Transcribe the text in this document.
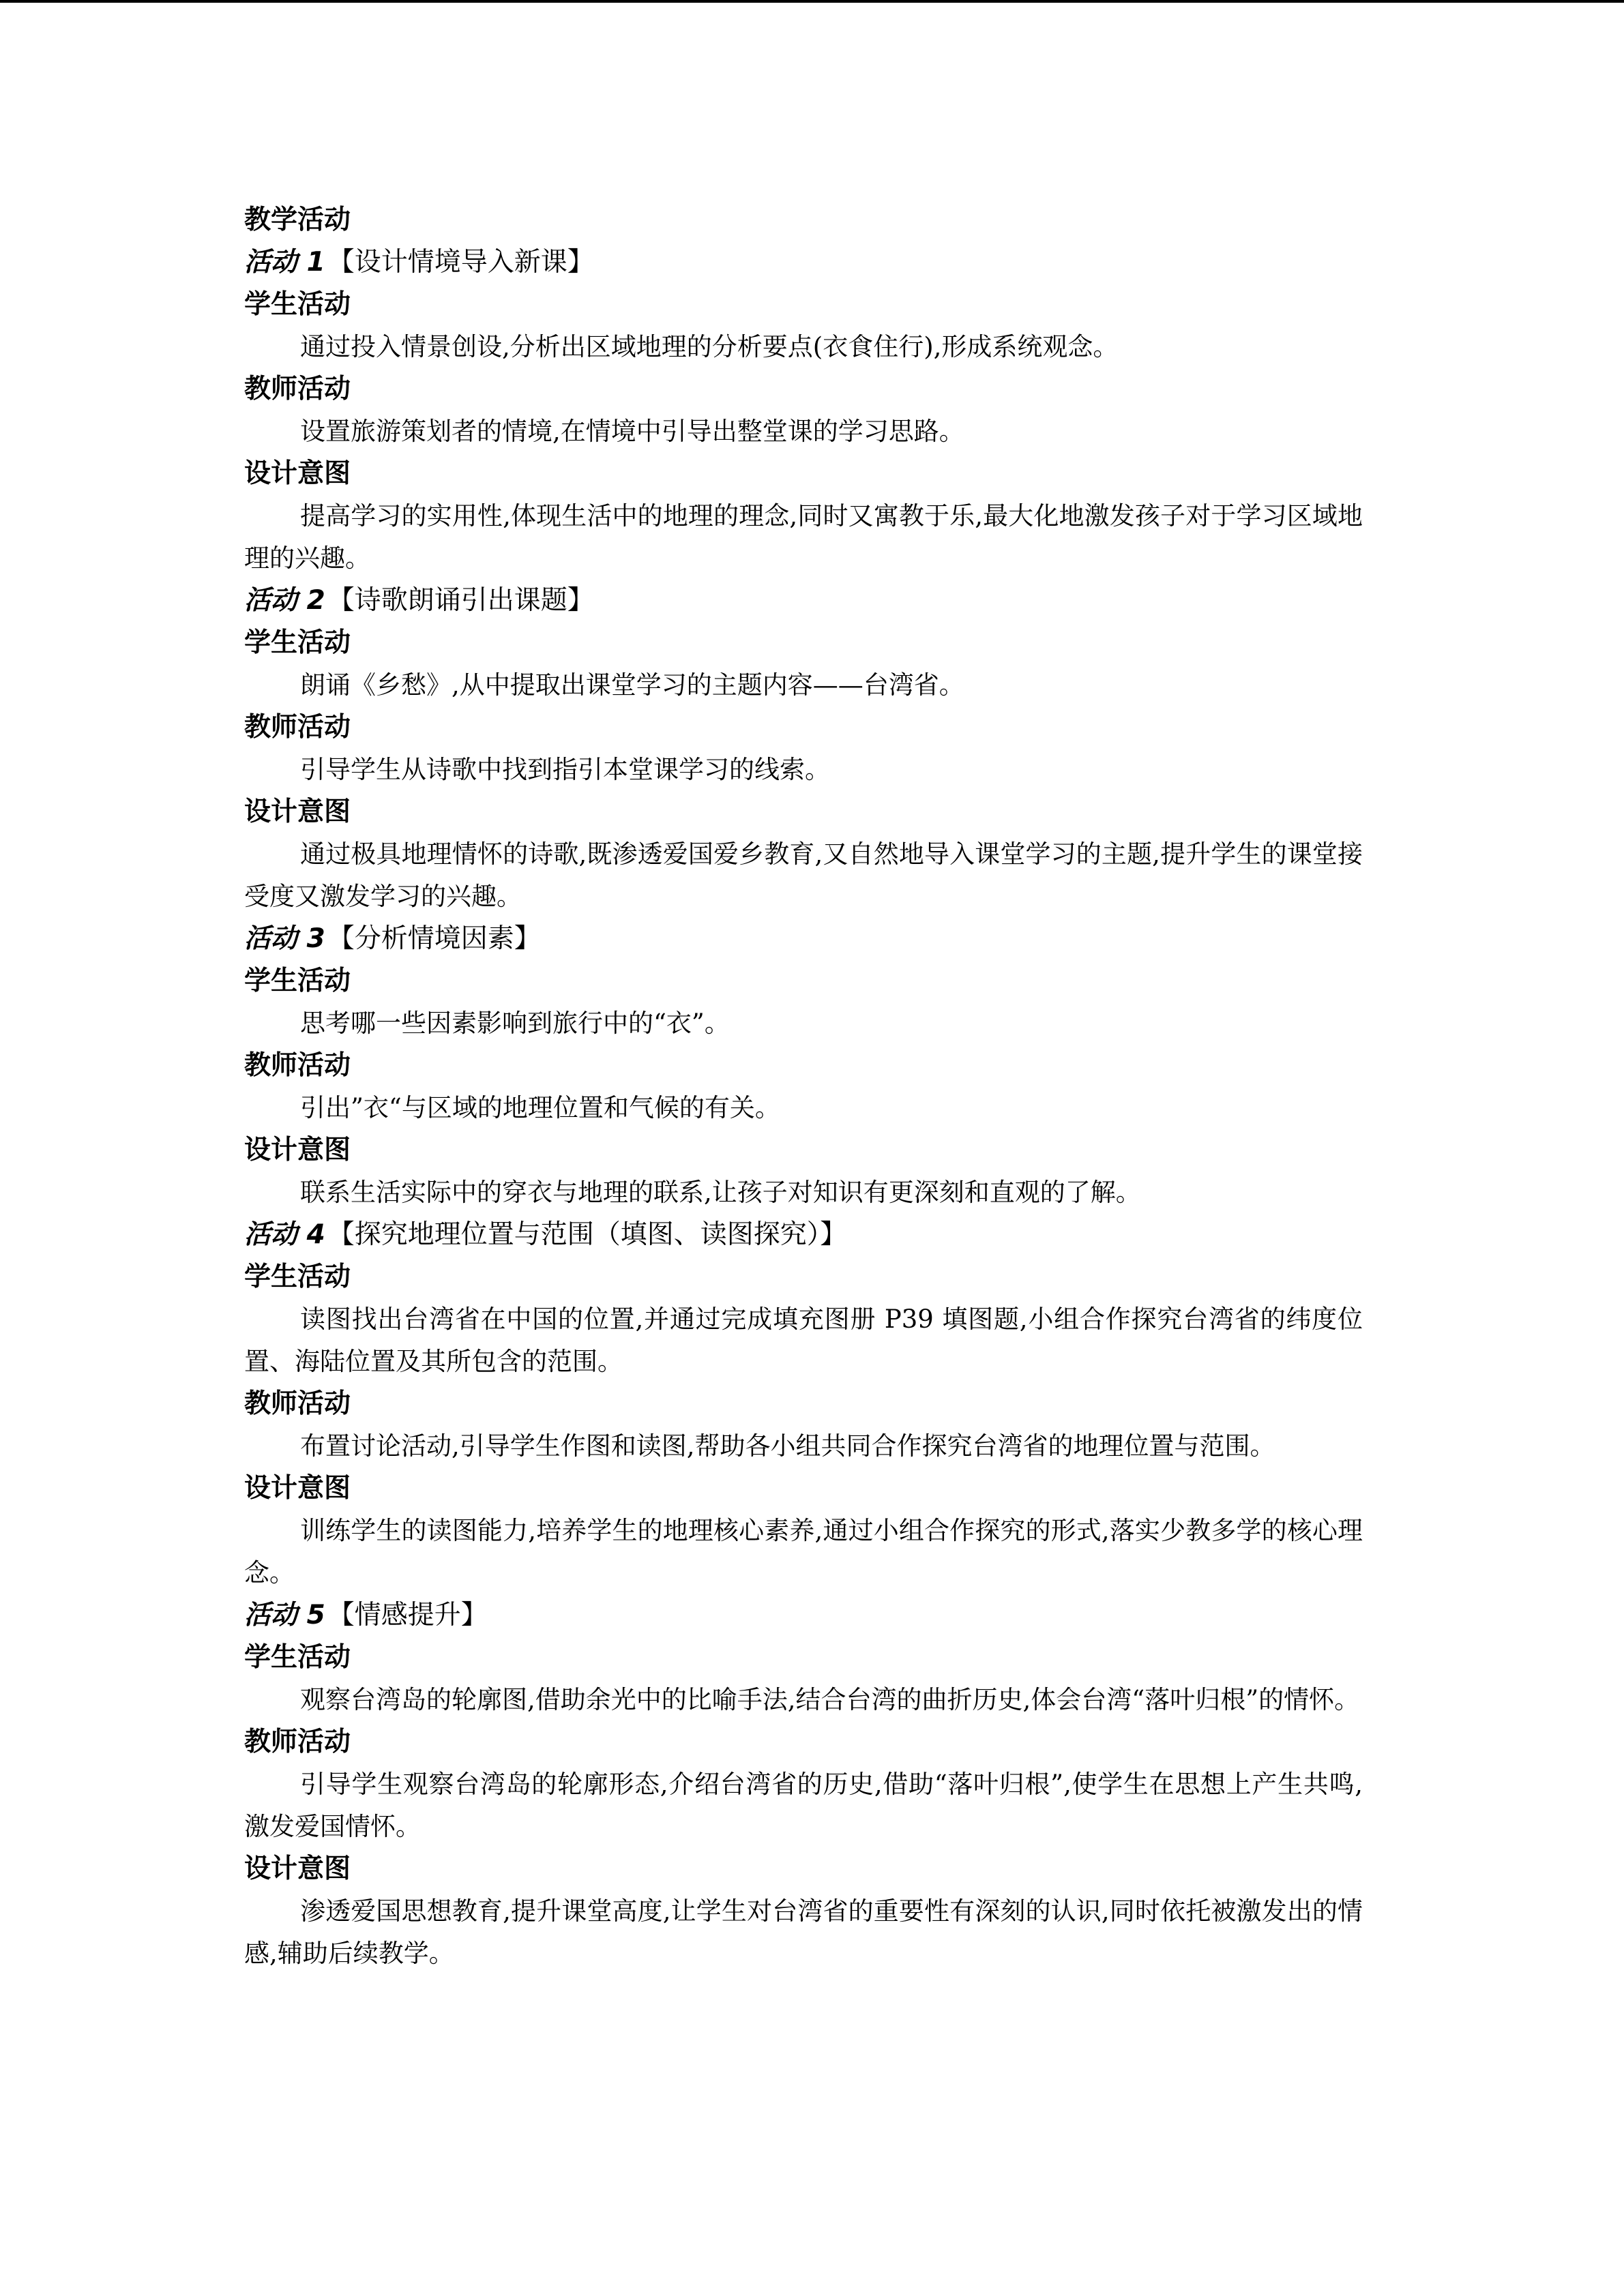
教学活动
活动 1 【设计情境导入新课】
学生活动

通过投入情景创设,分析出区域地理的分析要点(衣食住行),形成系统观念。

教师活动

设置旅游策划者的情境,在情境中引导出整堂课的学习思路。

设计意图

提高学习的实用性,体现生活中的地理的理念,同时又寓教于乐,最大化地激发孩子对于学习区域地理的兴趣。

活动 2 【诗歌朗诵引出课题】
学生活动

朗诵《乡愁》,从中提取出课堂学习的主题内容——台湾省。

教师活动

引导学生从诗歌中找到指引本堂课学习的线索。

设计意图

通过极具地理情怀的诗歌,既渗透爱国爱乡教育,又自然地导入课堂学习的主题,提升学生的课堂接受度又激发学习的兴趣。

活动 3 【分析情境因素】
学生活动

思考哪一些因素影响到旅行中的“衣”。

教师活动

引出”衣“与区域的地理位置和气候的有关。

设计意图

联系生活实际中的穿衣与地理的联系,让孩子对知识有更深刻和直观的了解。

活动 4 【探究地理位置与范围（填图、读图探究）】
学生活动

读图找出台湾省在中国的位置,并通过完成填充图册 P39 填图题,小组合作探究台湾省的纬度位置、海陆位置及其所包含的范围。

教师活动

布置讨论活动,引导学生作图和读图,帮助各小组共同合作探究台湾省的地理位置与范围。

设计意图

训练学生的读图能力,培养学生的地理核心素养,通过小组合作探究的形式,落实少教多学的核心理念。

活动 5 【情感提升】
学生活动

观察台湾岛的轮廓图,借助余光中的比喻手法,结合台湾的曲折历史,体会台湾“落叶归根”的情怀。

教师活动

引导学生观察台湾岛的轮廓形态,介绍台湾省的历史,借助“落叶归根”,使学生在思想上产生共鸣,激发爱国情怀。

设计意图

渗透爱国思想教育,提升课堂高度,让学生对台湾省的重要性有深刻的认识,同时依托被激发出的情感,辅助后续教学。
